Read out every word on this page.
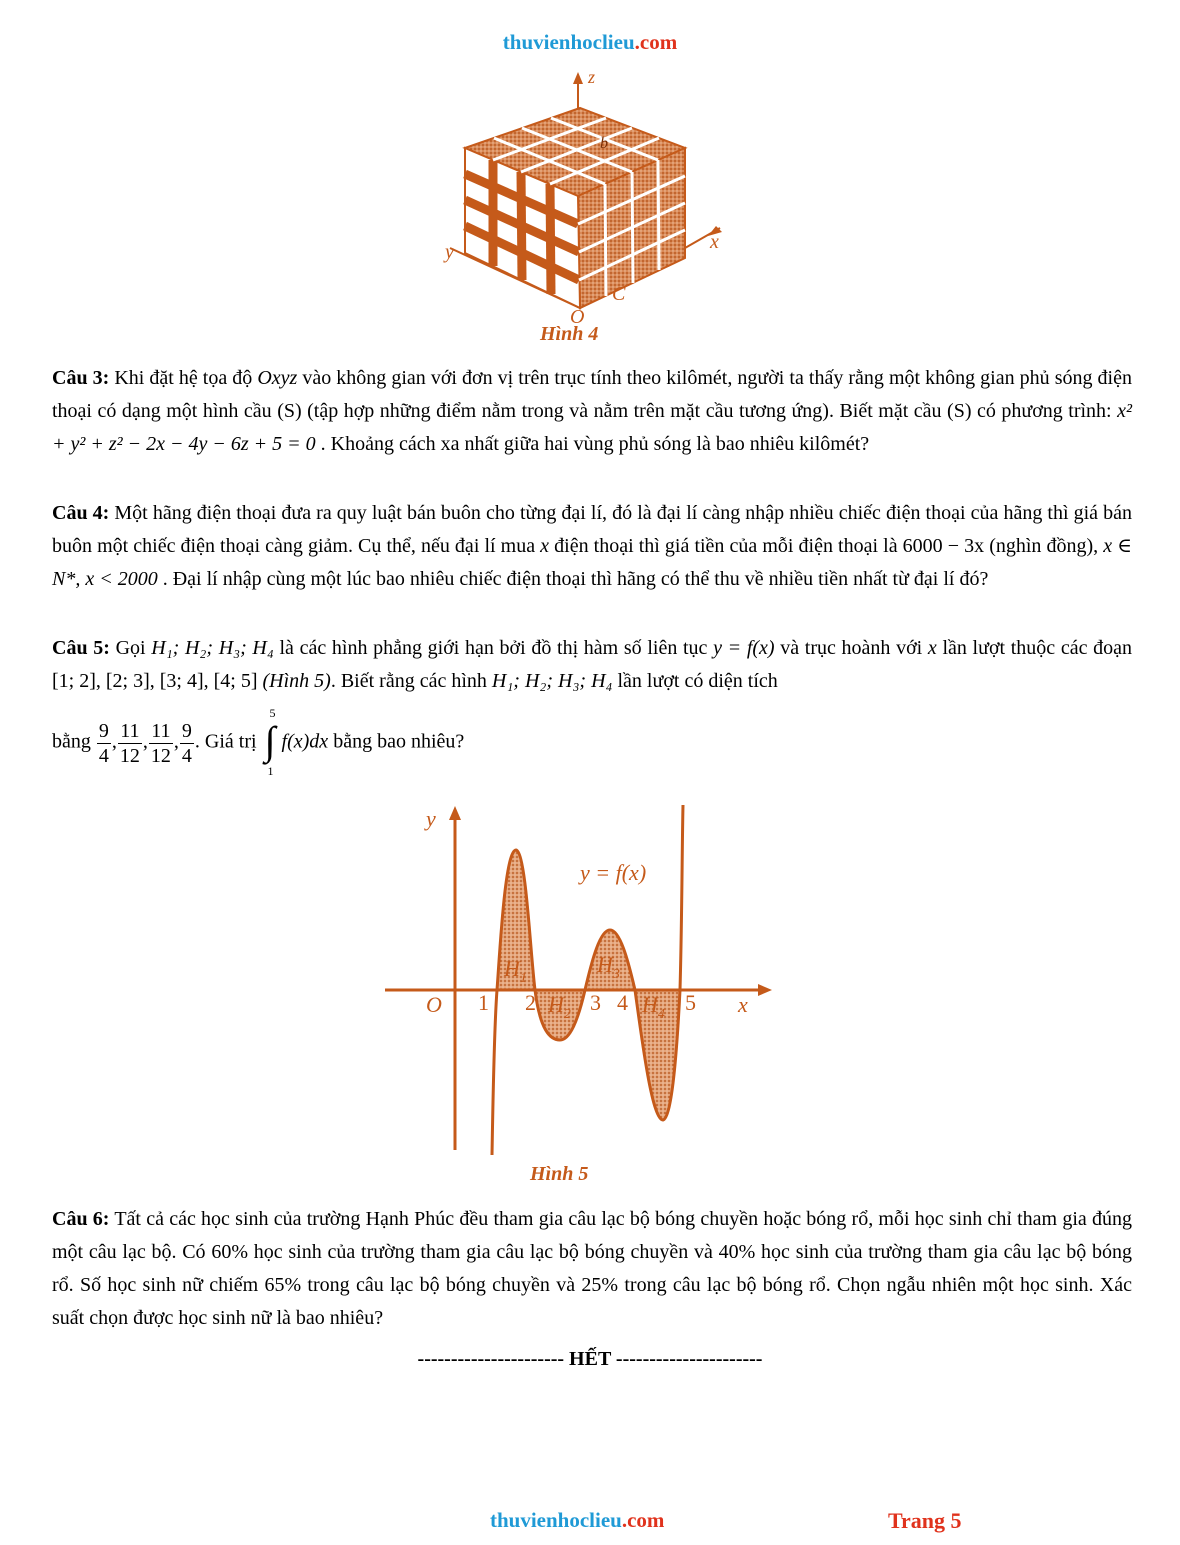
thuvienhoclieu.com
z
x
y
O
C
b
Hình 4
Câu 3: Khi đặt hệ tọa độ Oxyz vào không gian với đơn vị trên trục tính theo kilômét, người ta thấy rằng một không gian phủ sóng điện thoại có dạng một hình cầu (S) (tập hợp những điểm nằm trong và nằm trên mặt cầu tương ứng). Biết mặt cầu (S) có phương trình: x² + y² + z² − 2x − 4y − 6z + 5 = 0 . Khoảng cách xa nhất giữa hai vùng phủ sóng là bao nhiêu kilômét?
Câu 4: Một hãng điện thoại đưa ra quy luật bán buôn cho từng đại lí, đó là đại lí càng nhập nhiều chiếc điện thoại của hãng thì giá bán buôn một chiếc điện thoại càng giảm. Cụ thể, nếu đại lí mua x điện thoại thì giá tiền của mỗi điện thoại là 6000 − 3x (nghìn đồng), x ∈ N*, x < 2000 . Đại lí nhập cùng một lúc bao nhiêu chiếc điện thoại thì hãng có thể thu về nhiều tiền nhất từ đại lí đó?
Câu 5: Gọi H₁; H₂; H₃; H₄ là các hình phẳng giới hạn bởi đồ thị hàm số liên tục y = f(x) và trục hoành với x lần lượt thuộc các đoạn [1; 2], [2; 3], [3; 4], [4; 5] (Hình 5). Biết rằng các hình H₁; H₂; H₃; H₄ lần lượt có diện tích
bằng $\frac{9}{4}$ , $\frac{11}{12}$ , $\frac{11}{12}$ , $\frac{9}{4}$ . Giá trị
5
∫
1
f(x)dx bằng bao nhiêu?
y
x
O 1 2 3 4	5
y = f(x)
$H_1$
$H_2$
$H_3$
$H_4$
Hình 5
Câu 6: Tất cả các học sinh của trường Hạnh Phúc đều tham gia câu lạc bộ bóng chuyền hoặc bóng rổ, mỗi học sinh chỉ tham gia đúng một câu lạc bộ. Có 60% học sinh của trường tham gia câu lạc bộ bóng chuyền và 40% học sinh của trường tham gia câu lạc bộ bóng rổ. Số học sinh nữ chiếm 65% trong câu lạc bộ bóng chuyền và 25% trong câu lạc bộ bóng rổ. Chọn ngẫu nhiên một học sinh. Xác suất chọn được học sinh nữ là bao nhiêu?
---------------------- HẾT ----------------------
thuvienhoclieu.com	Trang 5
